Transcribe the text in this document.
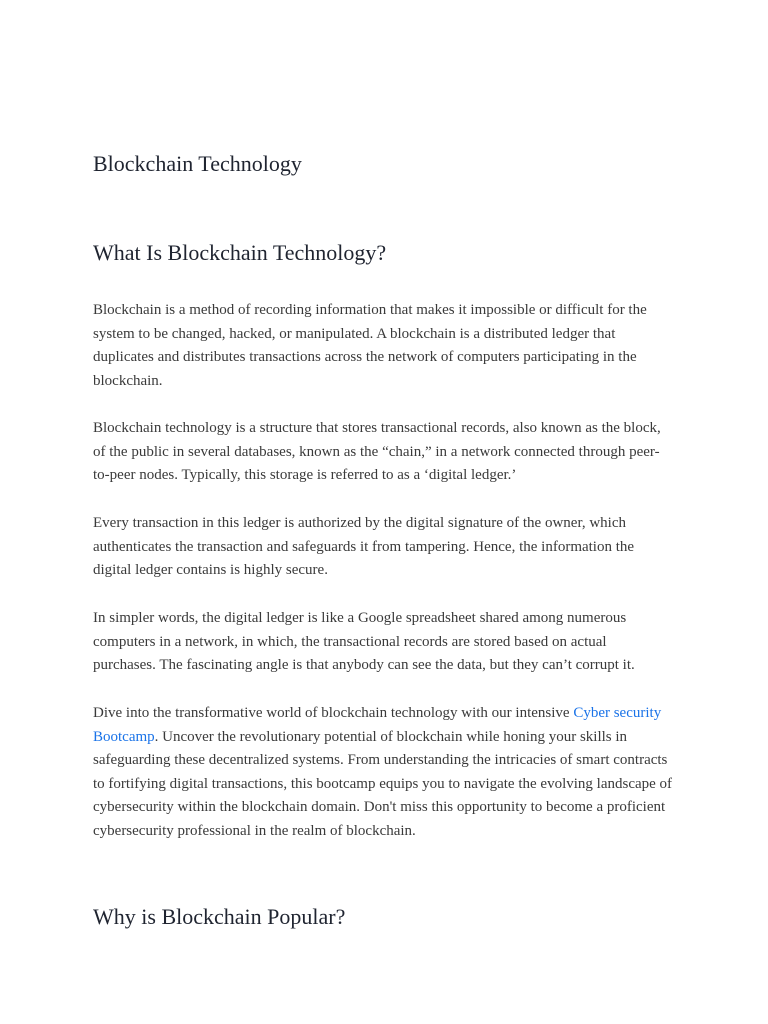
Blockchain Technology
What Is Blockchain Technology?

Blockchain is a method of recording information that makes it impossible or difficult for the system to be changed, hacked, or manipulated. A blockchain is a distributed ledger that duplicates and distributes transactions across the network of computers participating in the blockchain.

Blockchain technology is a structure that stores transactional records, also known as the block, of the public in several databases, known as the “chain,” in a network connected through peer-to-peer nodes. Typically, this storage is referred to as a ‘digital ledger.’

Every transaction in this ledger is authorized by the digital signature of the owner, which authenticates the transaction and safeguards it from tampering. Hence, the information the digital ledger contains is highly secure.

In simpler words, the digital ledger is like a Google spreadsheet shared among numerous computers in a network, in which, the transactional records are stored based on actual purchases. The fascinating angle is that anybody can see the data, but they can’t corrupt it.

Dive into the transformative world of blockchain technology with our intensive Cyber security Bootcamp. Uncover the revolutionary potential of blockchain while honing your skills in safeguarding these decentralized systems. From understanding the intricacies of smart contracts to fortifying digital transactions, this bootcamp equips you to navigate the evolving landscape of cybersecurity within the blockchain domain. Don't miss this opportunity to become a proficient cybersecurity professional in the realm of blockchain.

Why is Blockchain Popular?
